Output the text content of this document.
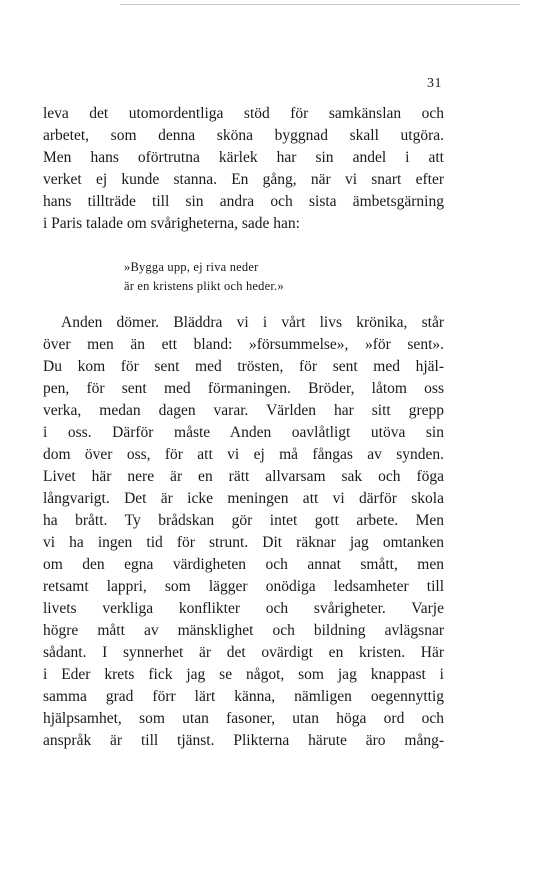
31
leva det utomordentliga stöd för samkänslan och
arbetet, som denna sköna byggnad skall utgöra.
Men hans oförtrutna kärlek har sin andel i att
verket ej kunde stanna. En gång, när vi snart efter
hans tillträde till sin andra och sista ämbetsgärning
i Paris talade om svårigheterna, sade han:
»Bygga upp, ej riva neder
är en kristens plikt och heder.»
Anden dömer. Bläddra vi i vårt livs krönika, står
över men än ett bland: »försummelse», »för sent».
Du kom för sent med trösten, för sent med hjäl-
pen, för sent med förmaningen. Bröder, låtom oss
verka, medan dagen varar. Världen har sitt grepp
i oss. Därför måste Anden oavlåtligt utöva sin
dom över oss, för att vi ej må fångas av synden.
Livet här nere är en rätt allvarsam sak och föga
långvarigt. Det är icke meningen att vi därför skola
ha brått. Ty brådskan gör intet gott arbete. Men
vi ha ingen tid för strunt. Dit räknar jag omtanken
om den egna värdigheten och annat smått, men
retsamt lappri, som lägger onödiga ledsamheter till
livets verkliga konflikter och svårigheter. Varje
högre mått av mänsklighet och bildning avlägsnar
sådant. I synnerhet är det ovärdigt en kristen. Här
i Eder krets fick jag se något, som jag knappast i
samma grad förr lärt känna, nämligen oegennyttig
hjälpsamhet, som utan fasoner, utan höga ord och
anspråk är till tjänst. Plikterna härute äro mång-
